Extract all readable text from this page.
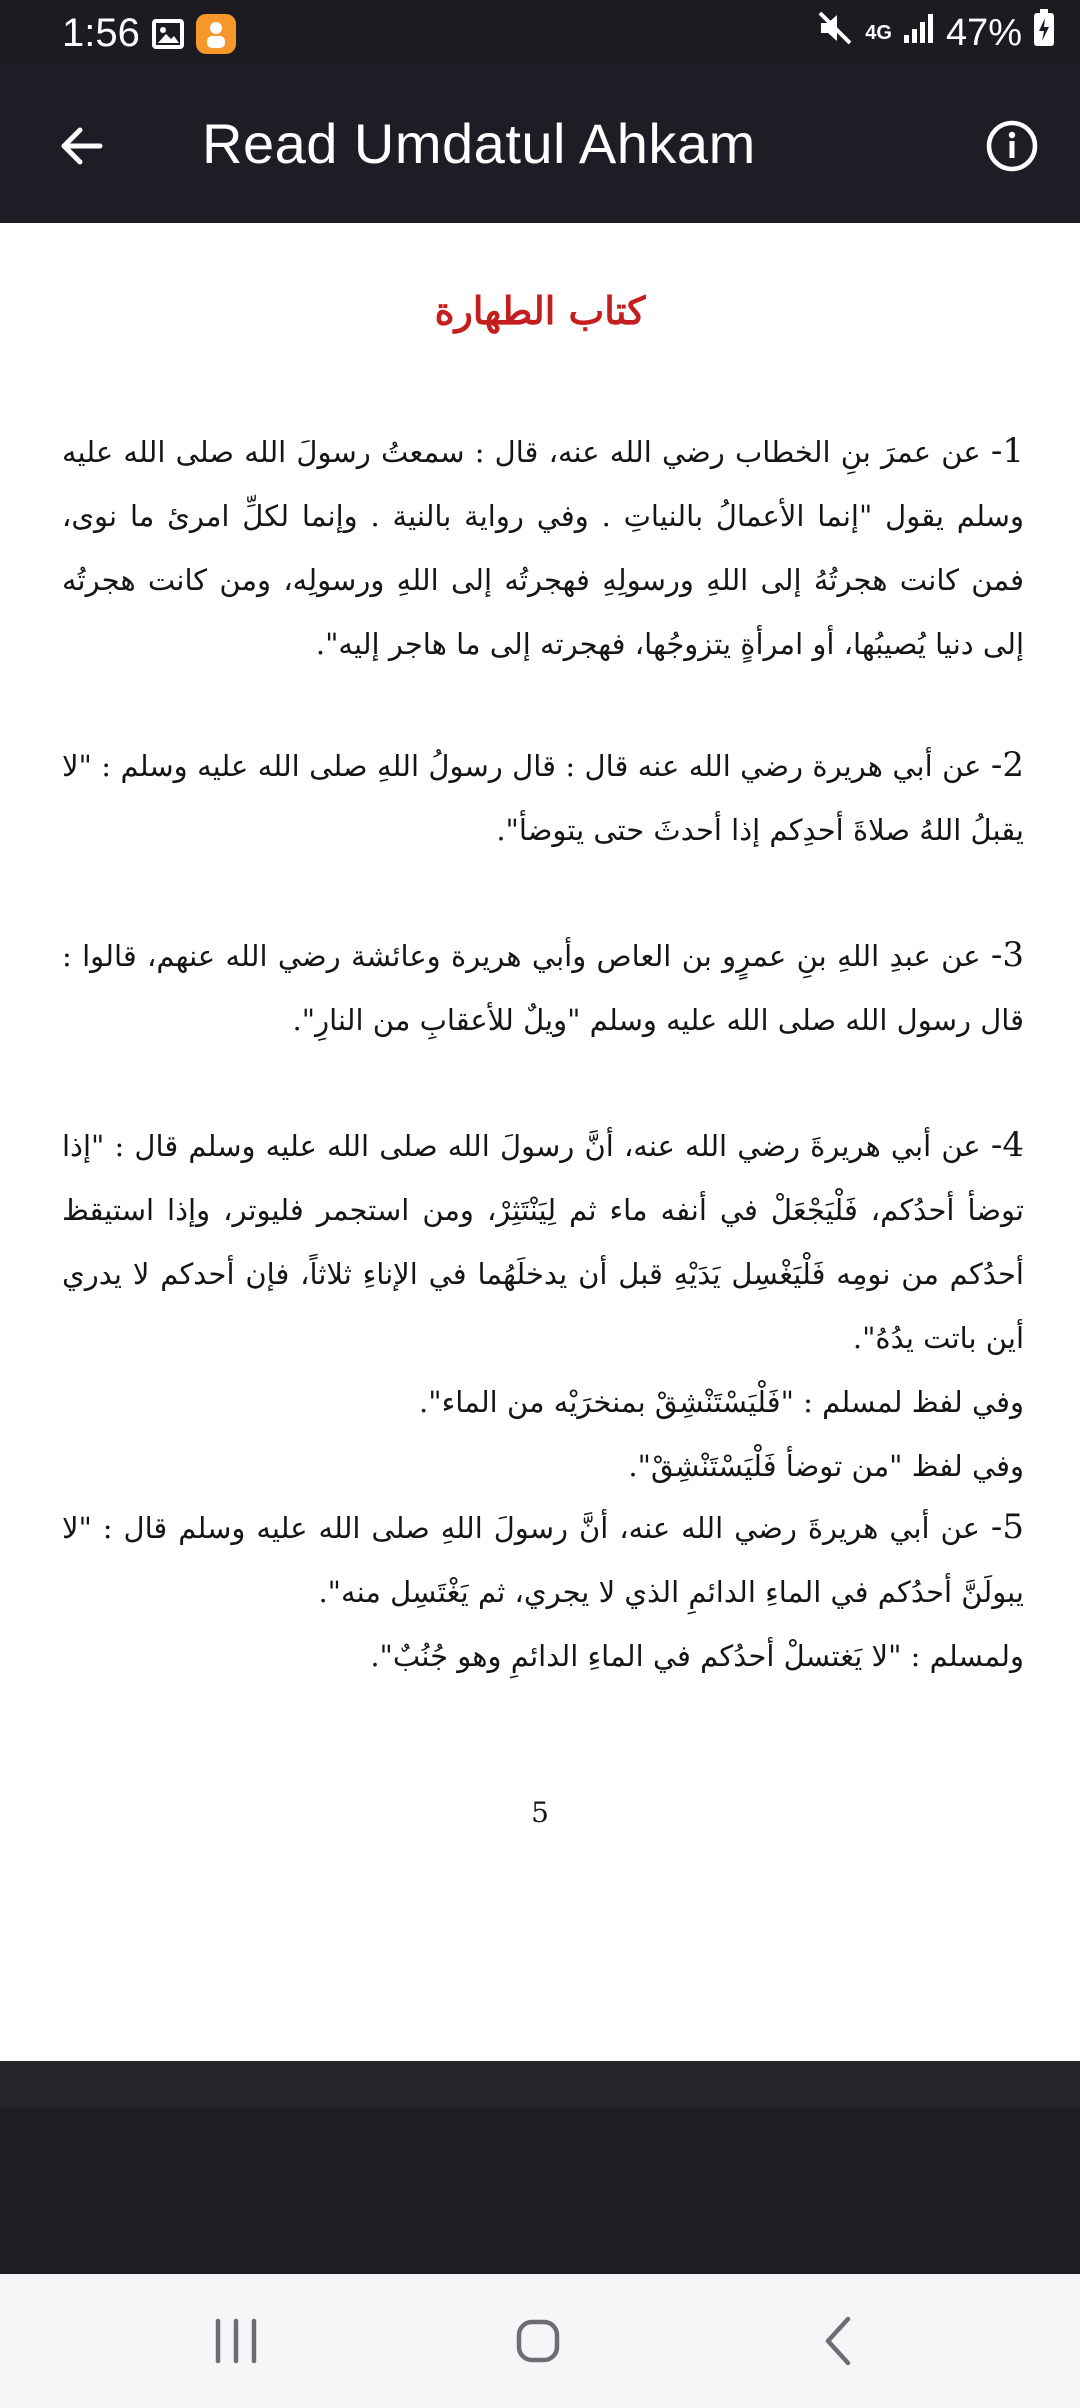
1:56	4G 47%
Read Umdatul Ahkam
كتاب الطهارة

1- عن عمرَ بنِ الخطاب رضي الله عنه، قال : سمعتُ رسولَ الله صلى الله عليه وسلم يقول "إنما الأعمالُ بالنياتِ . وفي رواية بالنية . وإنما لكلِّ امرئ ما نوى، فمن كانت هجرتُهُ إلى اللهِ ورسولِهِ فهجرتُه إلى اللهِ ورسولِه، ومن كانت هجرتُه إلى دنيا يُصيبُها، أو امرأةٍ يتزوجُها، فهجرته إلى ما هاجر إليه".

2- عن أبي هريرة رضي الله عنه قال : قال رسولُ اللهِ صلى الله عليه وسلم : "لا يقبلُ اللهُ صلاةَ أحدِكم إذا أحدثَ حتى يتوضأ".

3- عن عبدِ اللهِ بنِ عمرٍو بن العاص وأبي هريرة وعائشة رضي الله عنهم، قالوا : قال رسول الله صلى الله عليه وسلم "ويلٌ للأعقابِ من النارِ".

4- عن أبي هريرةَ رضي الله عنه، أنَّ رسولَ الله صلى الله عليه وسلم قال : "إذا توضأ أحدُكم، فَلْيَجْعَلْ في أنفه ماء ثم لِيَنْتَثِرْ، ومن استجمر فليوتر، وإذا استيقظ أحدُكم من نومِه فَلْيَغْسِل يَدَيْهِ قبل أن يدخلَهُما في الإناءِ ثلاثاً، فإن أحدكم لا يدري أين باتت يدُهُ".

وفي لفظ لمسلم : "فَلْيَسْتَنْشِقْ بمنخرَيْه من الماء".

وفي لفظ "من توضأ فَلْيَسْتَنْشِقْ".

5- عن أبي هريرةَ رضي الله عنه، أنَّ رسولَ اللهِ صلى الله عليه وسلم قال : "لا يبولَنَّ أحدُكم في الماءِ الدائمِ الذي لا يجري، ثم يَغْتَسِل منه".

ولمسلم : "لا يَغتسلْ أحدُكم في الماءِ الدائمِ وهو جُنُبٌ".

5
